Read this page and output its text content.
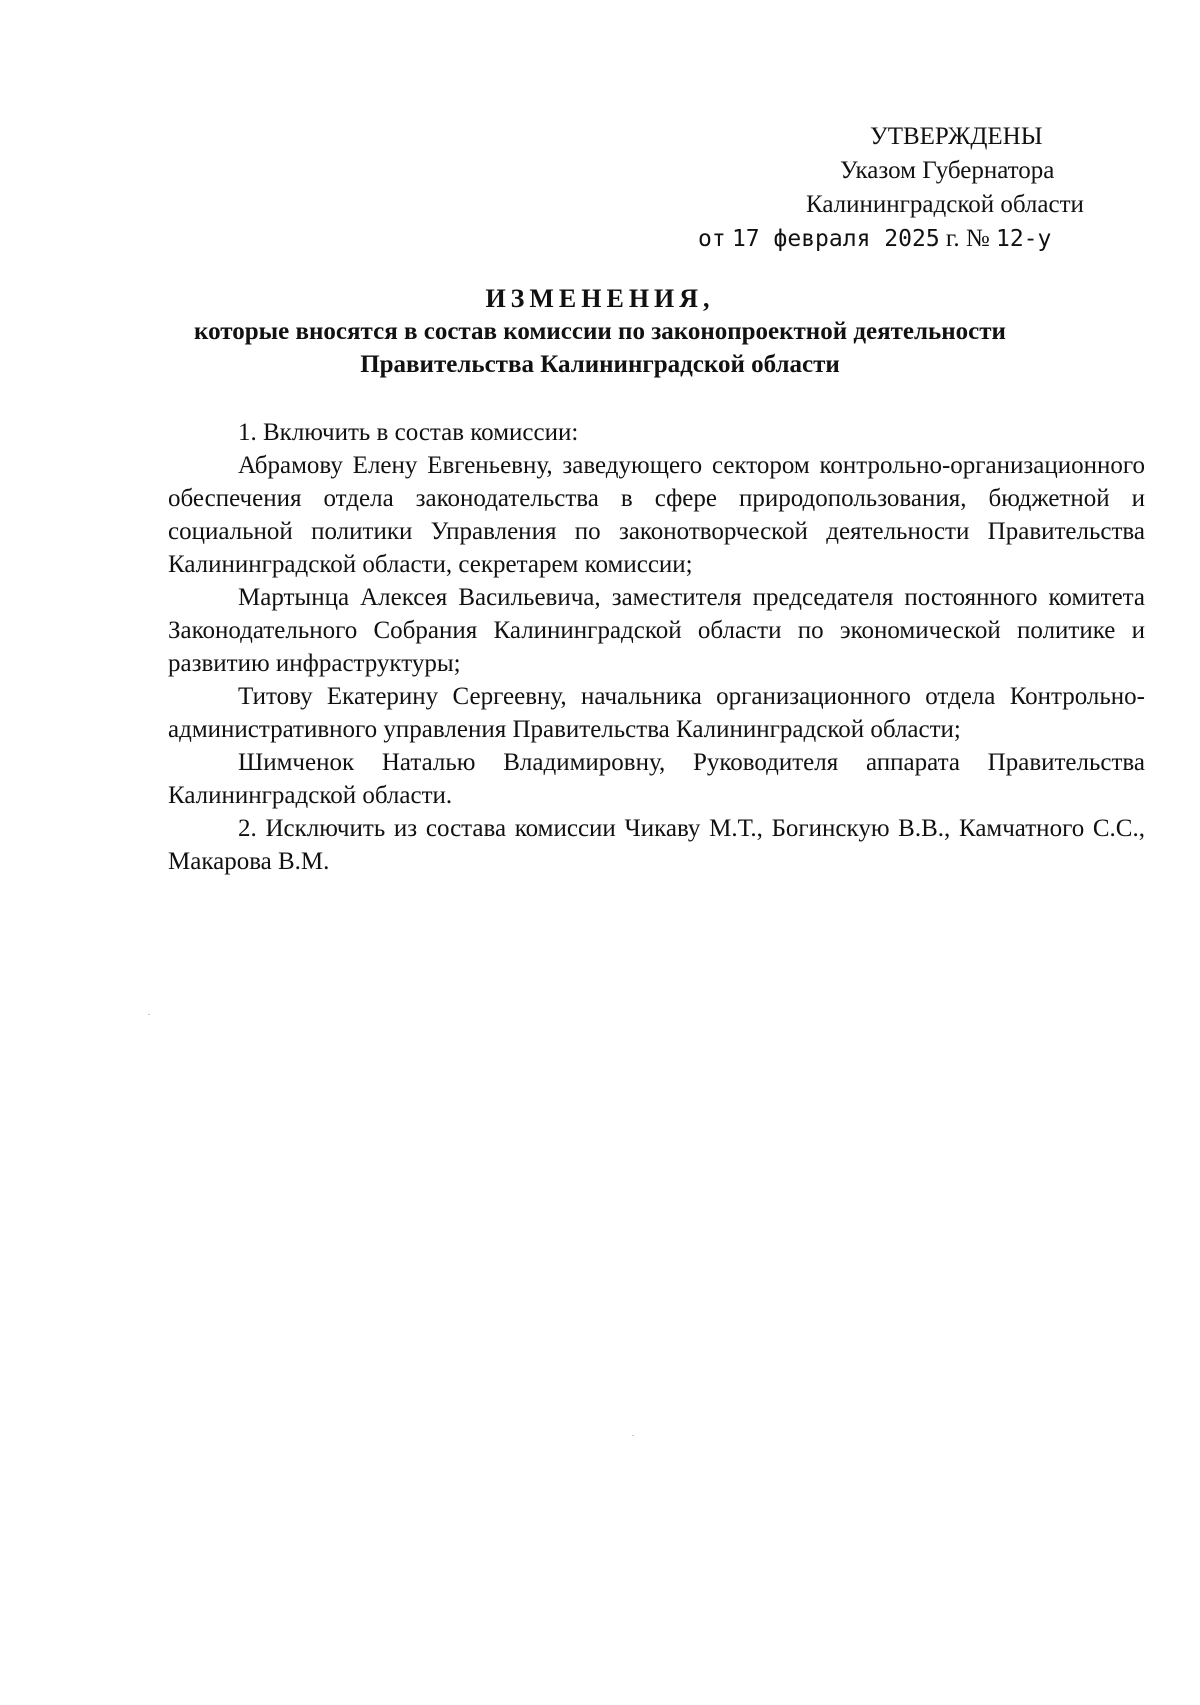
УТВЕРЖДЕНЫ
Указом Губернатора
Калининградской области
от 17 февраля 2025 г. № 12-у
ИЗМЕНЕНИЯ,
которые вносятся в состав комиссии по законопроектной деятельности
Правительства Калининградской области

1. Включить в состав комиссии:

Абрамову Елену Евгеньевну, заведующего сектором контрольно-организационного обеспечения отдела законодательства в сфере природопользования, бюджетной и социальной политики Управления по законотворческой деятельности Правительства Калининградской области, секретарем комиссии;

Мартынца Алексея Васильевича, заместителя председателя постоянного комитета Законодательного Собрания Калининградской области по экономической политике и развитию инфраструктуры;

Титову Екатерину Сергеевну, начальника организационного отдела Контрольно-административного управления Правительства Калининградской области;

Шимченок Наталью Владимировну, Руководителя аппарата Правительства Калининградской области.

2. Исключить из состава комиссии Чикаву М.Т., Богинскую В.В., Камчатного С.С., Макарова В.М.
